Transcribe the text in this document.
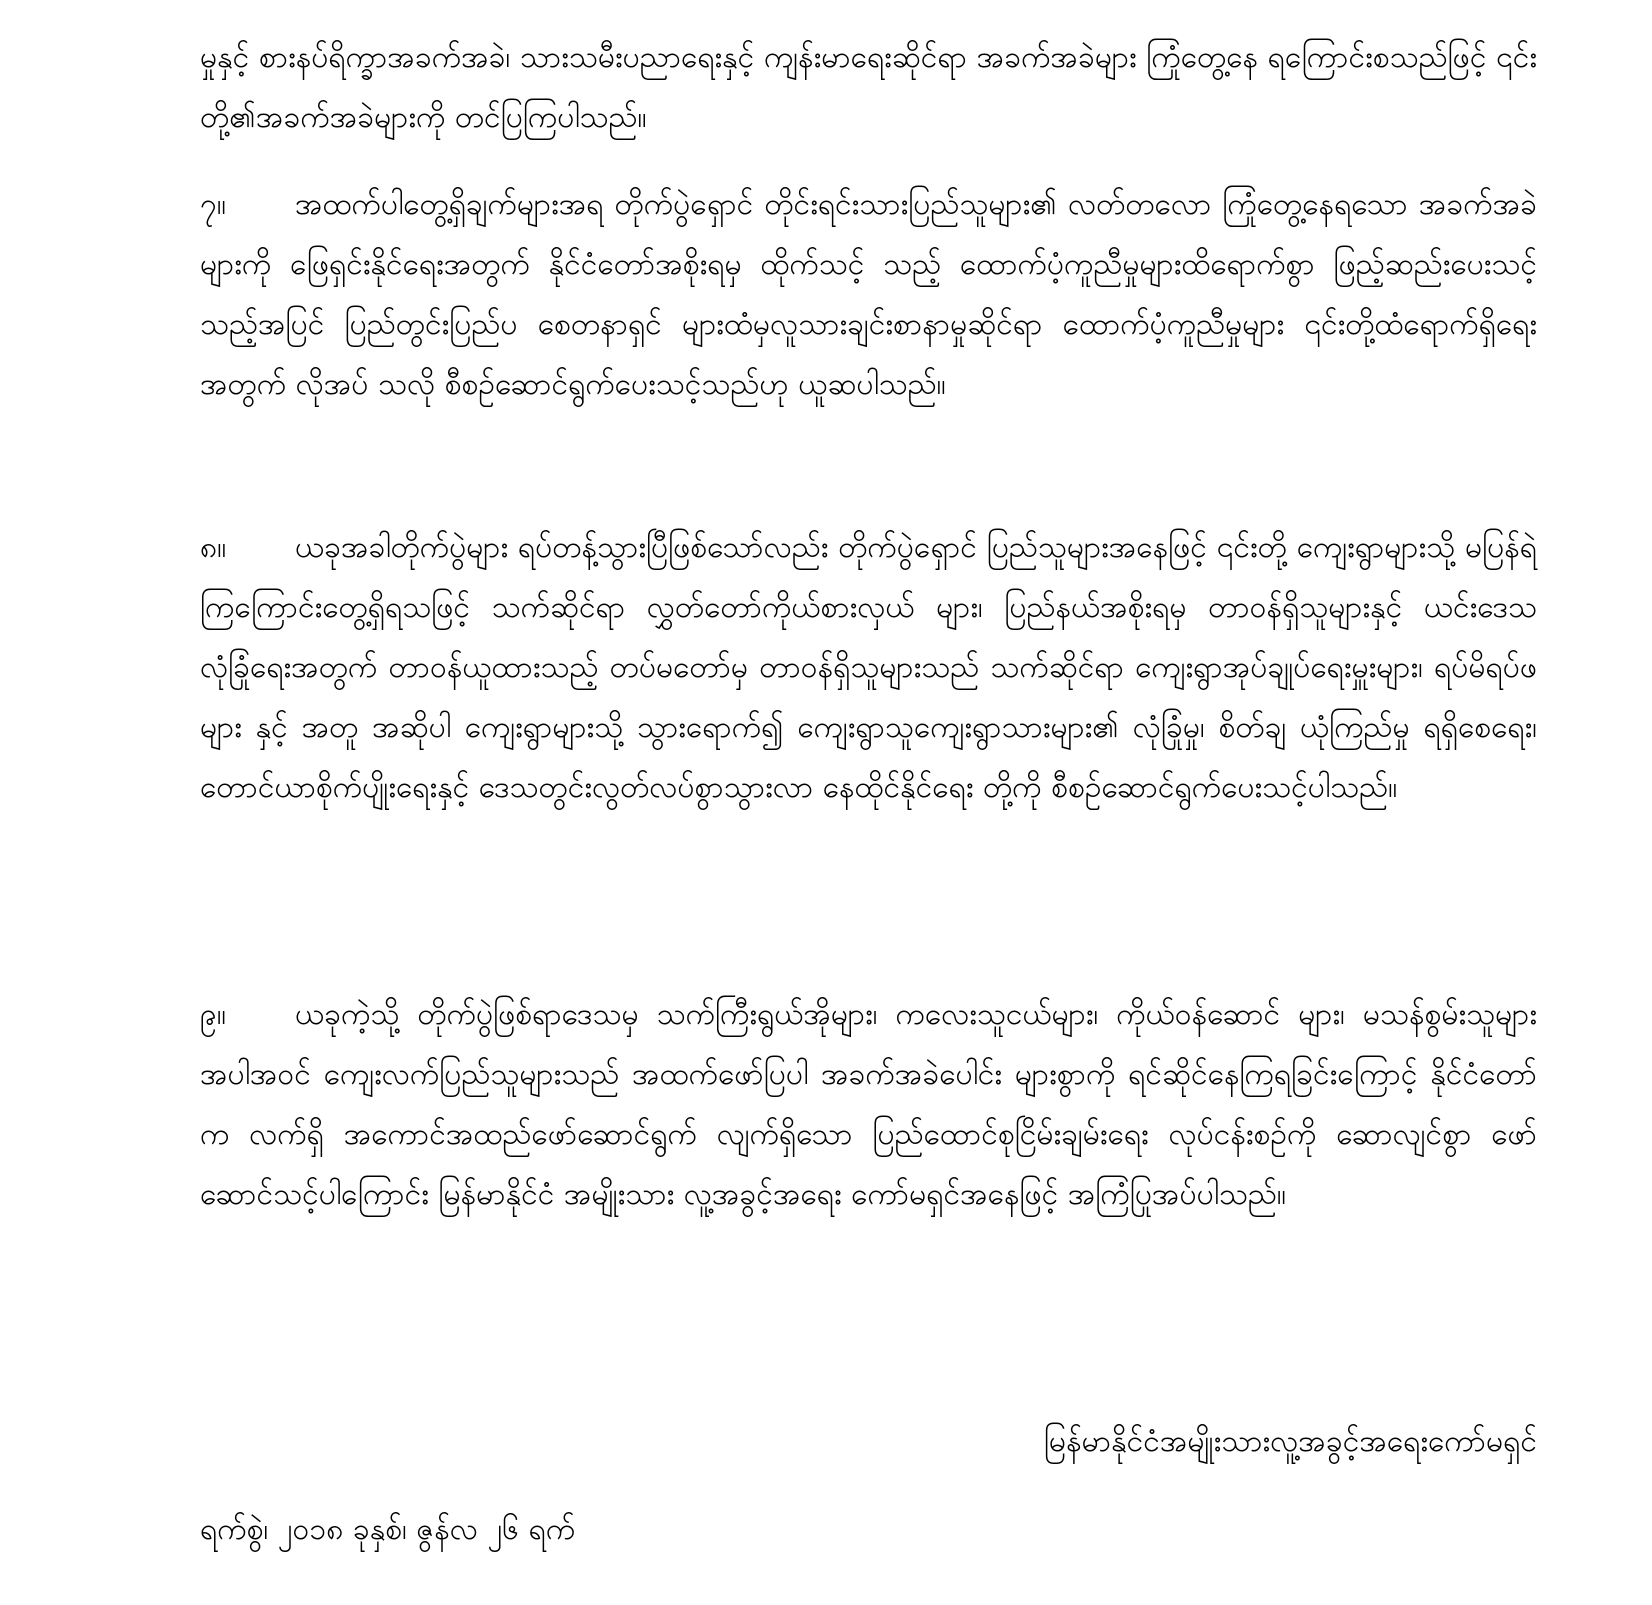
မှုနှင့် စားနပ်ရိက္ခာအခက်အခဲ၊ သားသမီးပညာရေးနှင့် ကျန်းမာရေးဆိုင်ရာ အခက်အခဲများ ကြုံတွေ့နေ ရကြောင်းစသည်ဖြင့် ၎င်းတို့၏အခက်အခဲများကို တင်ပြကြပါသည်။
၇။ အထက်ပါတွေ့ရှိချက်များအရ တိုက်ပွဲရှောင် တိုင်းရင်းသားပြည်သူများ၏ လတ်တလော ကြုံတွေ့နေရသော အခက်အခဲများကို ဖြေရှင်းနိုင်ရေးအတွက် နိုင်ငံတော်အစိုးရမှ ထိုက်သင့် သည့် ထောက်ပံ့ကူညီမှုများထိရောက်စွာ ဖြည့်ဆည်းပေးသင့်သည့်အပြင် ပြည်တွင်းပြည်ပ စေတနာရှင် များထံမှလူသားချင်းစာနာမှုဆိုင်ရာ ထောက်ပံ့ကူညီမှုများ ၎င်းတို့ထံရောက်ရှိရေးအတွက် လိုအပ် သလို စီစဉ်ဆောင်ရွက်ပေးသင့်သည်ဟု ယူဆပါသည်။
၈။ ယခုအခါတိုက်ပွဲများ ရပ်တန့်သွားပြီဖြစ်သော်လည်း တိုက်ပွဲရှောင် ပြည်သူများအနေဖြင့် ၎င်းတို့ ကျေးရွာများသို့ မပြန်ရဲကြကြောင်းတွေ့ရှိရသဖြင့် သက်ဆိုင်ရာ လွှတ်တော်ကိုယ်စားလှယ် များ၊ ပြည်နယ်အစိုးရမှ တာဝန်ရှိသူများနှင့် ယင်းဒေသလုံခြုံရေးအတွက် တာဝန်ယူထားသည့် တပ်မတော်မှ တာဝန်ရှိသူများသည် သက်ဆိုင်ရာ ကျေးရွာအုပ်ချုပ်ရေးမှူးများ၊ ရပ်မိရပ်ဖများ နှင့် အတူ အဆိုပါ ကျေးရွာများသို့ သွားရောက်၍ ကျေးရွာသူကျေးရွာသားများ၏ လုံခြုံမှု၊ စိတ်ချ ယုံကြည်မှု ရရှိစေရေး၊ တောင်ယာစိုက်ပျိုးရေးနှင့် ဒေသတွင်းလွတ်လပ်စွာသွားလာ နေထိုင်နိုင်ရေး တို့ကို စီစဉ်ဆောင်ရွက်ပေးသင့်ပါသည်။
၉။ ယခုကဲ့သို့ တိုက်ပွဲဖြစ်ရာဒေသမှ သက်ကြီးရွယ်အိုများ၊ ကလေးသူငယ်များ၊ ကိုယ်ဝန်ဆောင် များ၊ မသန်စွမ်းသူများအပါအဝင် ကျေးလက်ပြည်သူများသည် အထက်ဖော်ပြပါ အခက်အခဲပေါင်း များစွာကို ရင်ဆိုင်နေကြရခြင်းကြောင့် နိုင်ငံတော်က လက်ရှိ အကောင်အထည်ဖော်ဆောင်ရွက် လျက်ရှိသော ပြည်ထောင်စုငြိမ်းချမ်းရေး လုပ်ငန်းစဉ်ကို ဆောလျင်စွာ ဖော်ဆောင်သင့်ပါကြောင်း မြန်မာနိုင်ငံ အမျိုးသား လူ့အခွင့်အရေး ကော်မရှင်အနေဖြင့် အကြံပြုအပ်ပါသည်။
မြန်မာနိုင်ငံအမျိုးသားလူ့အခွင့်အရေးကော်မရှင်
ရက်စွဲ၊ ၂၀၁၈ ခုနှစ်၊ ဇွန်လ ၂၆ ရက်
